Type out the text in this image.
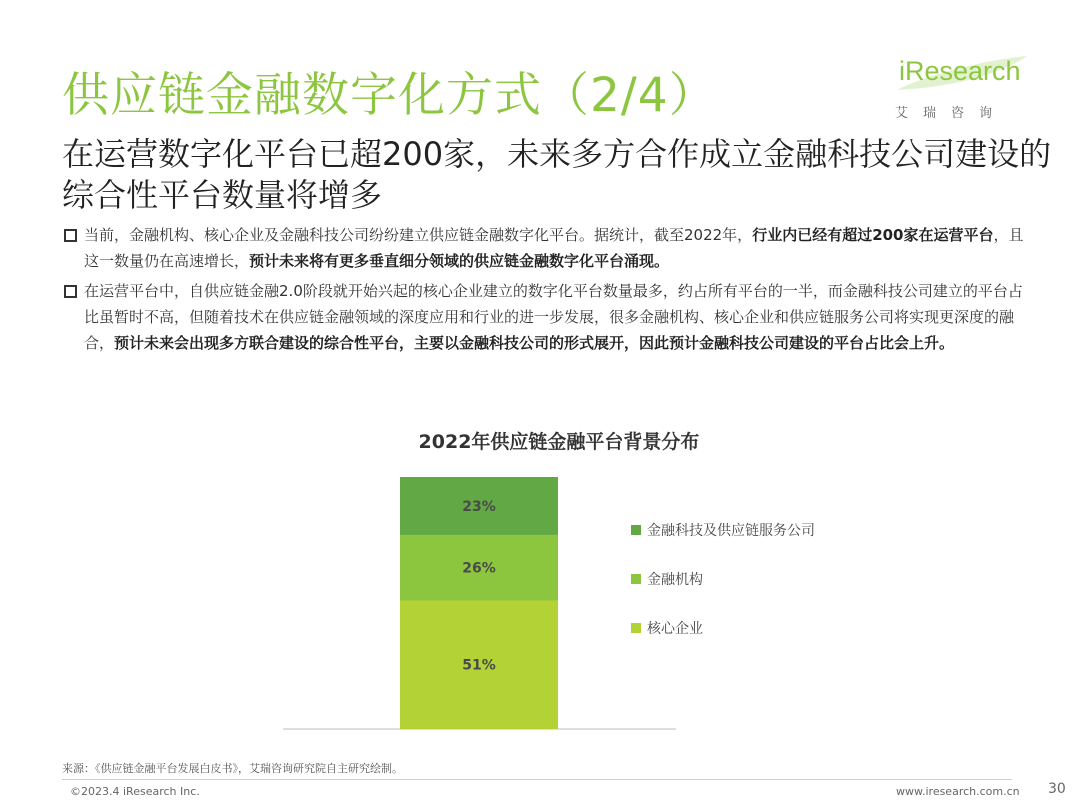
供应链金融数字化方式（2/4）	iResearch
艾瑞咨询
在运营数字化平台已超200家，未来多方合作成立金融科技公司建设的综合性平台数量将增多
当前，金融机构、核心企业及金融科技公司纷纷建立供应链金融数字化平台。据统计，截至2022年，行业内已经有超过200家在运营平台，且这一数量仍在高速增长，预计未来将有更多垂直细分领域的供应链金融数字化平台涌现。
在运营平台中，自供应链金融2.0阶段就开始兴起的核心企业建立的数字化平台数量最多，约占所有平台的一半，而金融科技公司建立的平台占比虽暂时不高，但随着技术在供应链金融领域的深度应用和行业的进一步发展，很多金融机构、核心企业和供应链服务公司将实现更深度的融合，预计未来会出现多方联合建设的综合性平台，主要以金融科技公司的形式展开，因此预计金融科技公司建设的平台占比会上升。
2022年供应链金融平台背景分布
51%
26%
23%
金融科技及供应链服务公司
金融机构
核心企业
来源：《供应链金融平台发展白皮书》，艾瑞咨询研究院自主研究绘制。
©2023.4 iResearch Inc.	www.iresearch.com.cn 30
